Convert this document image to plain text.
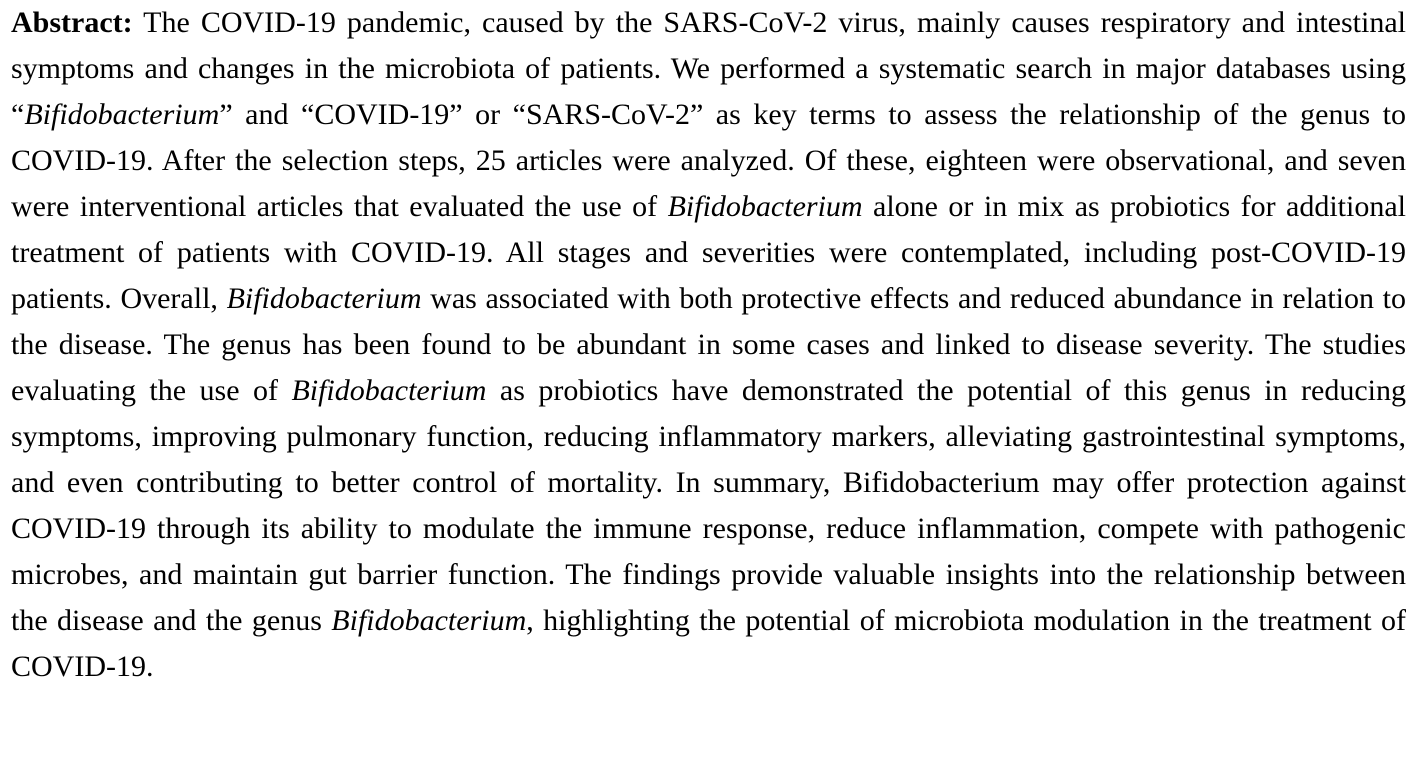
Abstract: The COVID-19 pandemic, caused by the SARS-CoV-2 virus, mainly causes respiratory and intestinal symptoms and changes in the microbiota of patients. We performed a systematic search in major databases using “Bifidobacterium” and “COVID-19” or “SARS-CoV-2” as key terms to assess the relationship of the genus to COVID-19. After the selection steps, 25 articles were analyzed. Of these, eighteen were observational, and seven were interventional articles that evaluated the use of Bifidobacterium alone or in mix as probiotics for additional treatment of patients with COVID-19. All stages and severities were contemplated, including post-COVID-19 patients. Overall, Bifidobacterium was associated with both protective effects and reduced abundance in relation to the disease. The genus has been found to be abundant in some cases and linked to disease severity. The studies evaluating the use of Bifidobacterium as probiotics have demonstrated the potential of this genus in reducing symptoms, improving pulmonary function, reducing inflammatory markers, alleviating gastrointestinal symptoms, and even contributing to better control of mortality. In summary, Bifidobacterium may offer protection against COVID-19 through its ability to modulate the immune response, reduce inflammation, compete with pathogenic microbes, and maintain gut barrier function. The findings provide valuable insights into the relationship between the disease and the genus Bifidobacterium, highlighting the potential of microbiota modulation in the treatment of COVID-19.
